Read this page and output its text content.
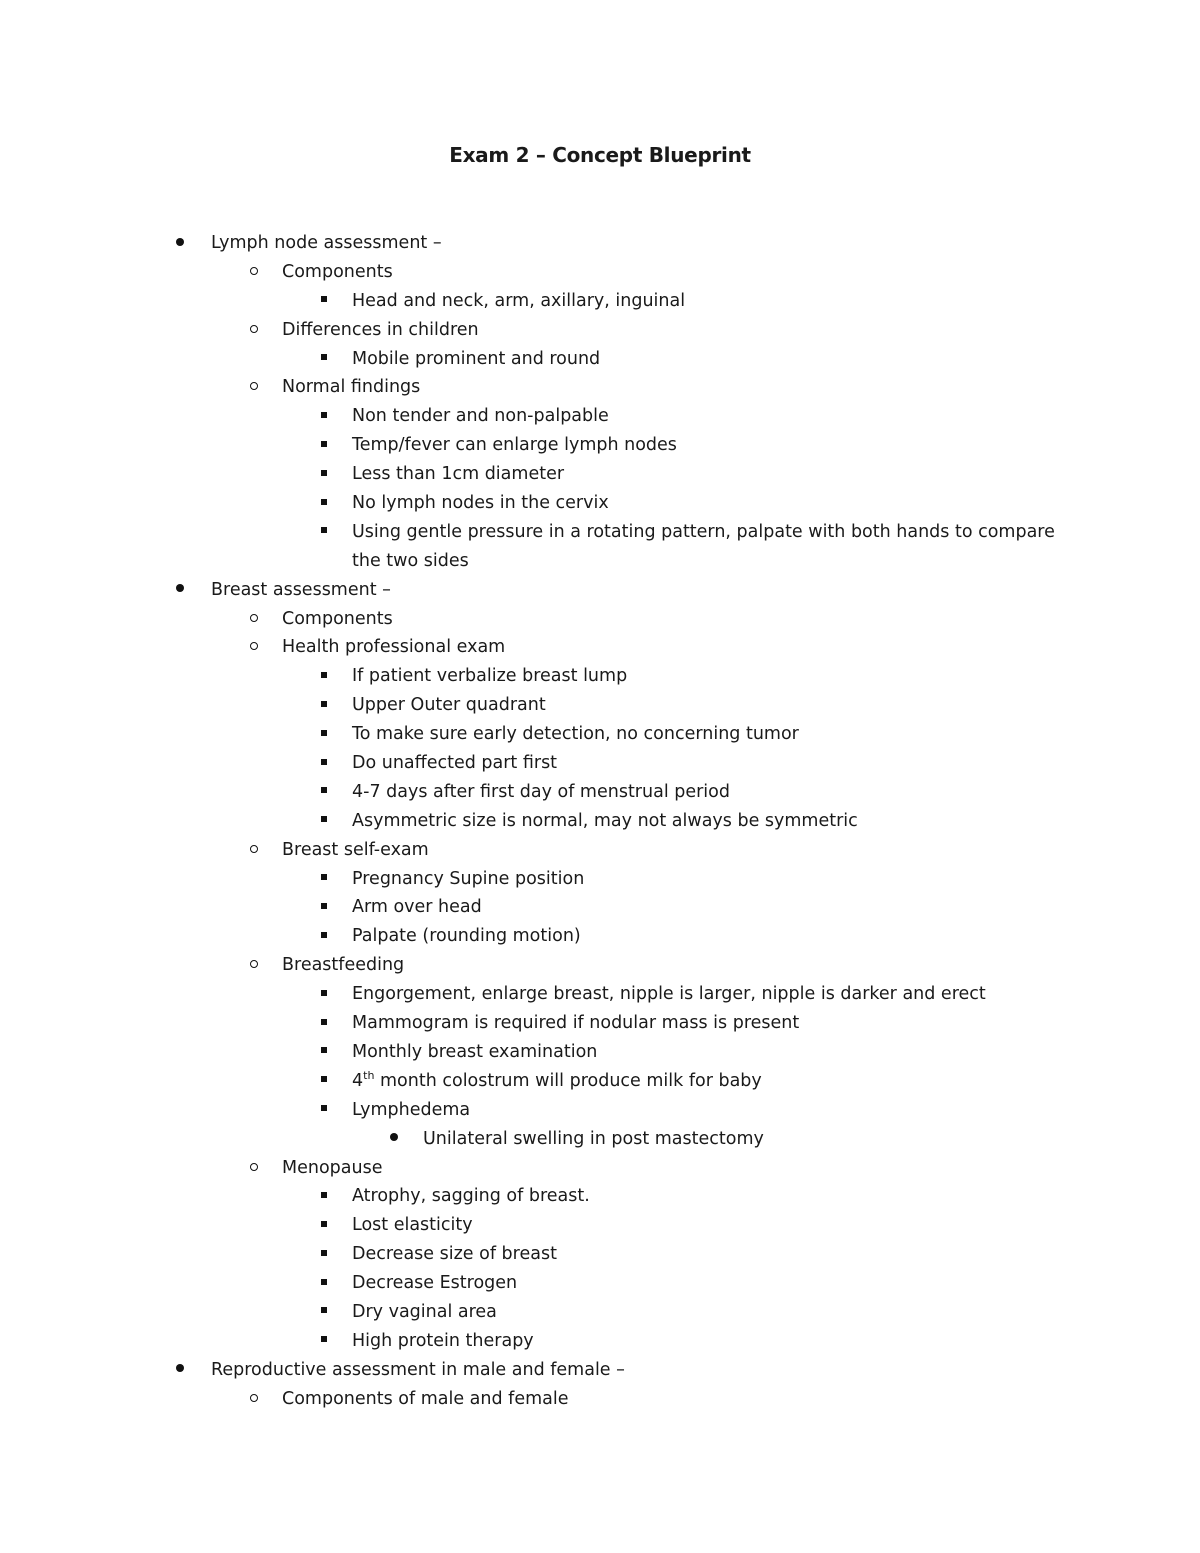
Exam 2 – Concept Blueprint
Lymph node assessment –
Components
Head and neck, arm, axillary, inguinal
Differences in children
Mobile prominent and round
Normal findings
Non tender and non-palpable
Temp/fever can enlarge lymph nodes
Less than 1cm diameter
No lymph nodes in the cervix
Using gentle pressure in a rotating pattern, palpate with both hands to compare
the two sides
Breast assessment –
Components
Health professional exam
If patient verbalize breast lump
Upper Outer quadrant
To make sure early detection, no concerning tumor
Do unaffected part first
4-7 days after first day of menstrual period
Asymmetric size is normal, may not always be symmetric
Breast self-exam
Pregnancy Supine position
Arm over head
Palpate (rounding motion)
Breastfeeding
Engorgement, enlarge breast, nipple is larger, nipple is darker and erect
Mammogram is required if nodular mass is present
Monthly breast examination
4th month colostrum will produce milk for baby
Lymphedema
Unilateral swelling in post mastectomy
Menopause
Atrophy, sagging of breast.
Lost elasticity
Decrease size of breast
Decrease Estrogen
Dry vaginal area
High protein therapy
Reproductive assessment in male and female –
Components of male and female
